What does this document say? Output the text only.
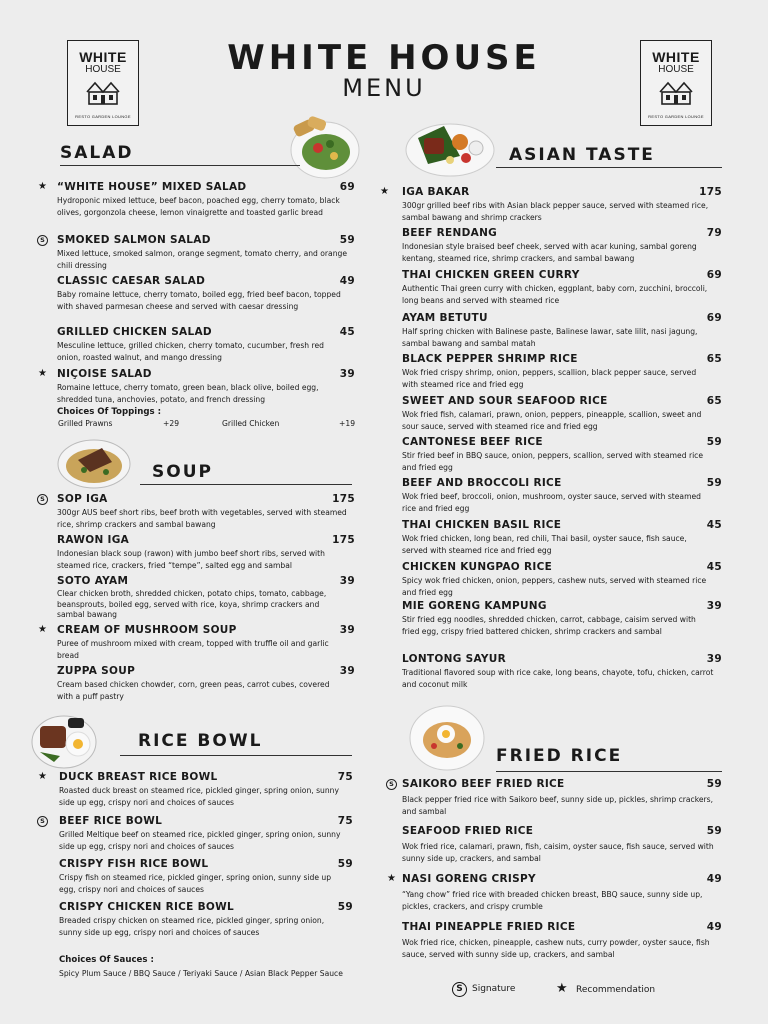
WHITE
HOUSE
RESTO GARDEN LOUNGE
WHITE
HOUSE
RESTO GARDEN LOUNGE
WHITE HOUSE
MENU
SALAD	ASIAN TASTE
SOUP
RICE BOWL
FRIED RICE
“WHITE HOUSE” MIXED SALAD	69
Hydroponic mixed lettuce, beef bacon, poached egg, cherry tomato, black olives, gorgonzola cheese, lemon vinaigrette and toasted garlic bread
SMOKED SALMON SALAD	59
Mixed lettuce, smoked salmon, orange segment, tomato cherry, and orange chili dressing
CLASSIC CAESAR SALAD	49
Baby romaine lettuce, cherry tomato, boiled egg, fried beef bacon, topped with shaved parmesan cheese and served with caesar dressing
GRILLED CHICKEN SALAD	45
Mesculine lettuce, grilled chicken, cherry tomato, cucumber, fresh red onion, roasted walnut, and mango dressing
NIÇOISE SALAD	39
Romaine lettuce, cherry tomato, green bean, black olive, boiled egg, shredded tuna, anchovies, potato, and french dressing
★
S
★
Choices Of Toppings :
Grilled Prawns	+29	Grilled Chicken	+19
SOP IGA	175
300gr AUS beef short ribs, beef broth with vegetables, served with steamed rice, shrimp crackers and sambal bawang
RAWON IGA	175
Indonesian black soup (rawon) with jumbo beef short ribs, served with steamed rice, crackers, fried “tempe”, salted egg and sambal
SOTO AYAM	39
Clear chicken broth, shredded chicken, potato chips, tomato, cabbage, beansprouts, boiled egg, served with rice, koya, shrimp crackers and sambal bawang
CREAM OF MUSHROOM SOUP	39
Puree of mushroom mixed with cream, topped with truffle oil and garlic bread
ZUPPA SOUP	39
Cream based chicken chowder, corn, green peas, carrot cubes, covered with a puff pastry
S
★
DUCK BREAST RICE BOWL	75
Roasted duck breast on steamed rice, pickled ginger, spring onion, sunny side up egg, crispy nori and choices of sauces
BEEF RICE BOWL	75
Grilled Meltique beef on steamed rice, pickled ginger, spring onion, sunny side up egg, crispy nori and choices of sauces
CRISPY FISH RICE BOWL	59
Crispy fish on steamed rice, pickled ginger, spring onion, sunny side up egg, crispy nori and choices of sauces
CRISPY CHICKEN RICE BOWL	59
Breaded crispy chicken on steamed rice, pickled ginger, spring onion, sunny side up egg, crispy nori and choices of sauces
★
S
Choices Of Sauces :
Spicy Plum Sauce / BBQ Sauce / Teriyaki Sauce / Asian Black Pepper Sauce
IGA BAKAR	175
300gr grilled beef ribs with Asian black pepper sauce, served with steamed rice, sambal bawang and shrimp crackers
BEEF RENDANG	79
Indonesian style braised beef cheek, served with acar kuning, sambal goreng kentang, steamed rice, shrimp crackers, and sambal bawang
THAI CHICKEN GREEN CURRY	69
Authentic Thai green curry with chicken, eggplant, baby corn, zucchini, broccoli, long beans and served with steamed rice
AYAM BETUTU	69
Half spring chicken with Balinese paste, Balinese lawar, sate lilit, nasi jagung, sambal bawang and sambal matah
BLACK PEPPER SHRIMP RICE	65
Wok fried crispy shrimp, onion, peppers, scallion, black pepper sauce, served with steamed rice and fried egg
SWEET AND SOUR SEAFOOD RICE	65
Wok fried fish, calamari, prawn, onion, peppers, pineapple, scallion, sweet and sour sauce, served with steamed rice and fried egg
CANTONESE BEEF RICE	59
Stir fried beef in BBQ sauce, onion, peppers, scallion, served with steamed rice and fried egg
BEEF AND BROCCOLI RICE	59
Wok fried beef, broccoli, onion, mushroom, oyster sauce, served with steamed rice and fried egg
THAI CHICKEN BASIL RICE	45
Wok fried chicken, long bean, red chili, Thai basil, oyster sauce, fish sauce, served with steamed rice and fried egg
CHICKEN KUNGPAO RICE	45
Spicy wok fried chicken, onion, peppers, cashew nuts, served with steamed rice and fried egg
MIE GORENG KAMPUNG	39
Stir fried egg noodles, shredded chicken, carrot, cabbage, caisim served with fried egg, crispy fried battered chicken, shrimp crackers and sambal
LONTONG SAYUR	39
Traditional flavored soup with rice cake, long beans, chayote, tofu, chicken, carrot and coconut milk
★
SAIKORO BEEF FRIED RICE	59
Black pepper fried rice with Saikoro beef, sunny side up, pickles, shrimp crackers, and sambal
SEAFOOD FRIED RICE	59
Wok fried rice, calamari, prawn, fish, caisim, oyster sauce, fish sauce, served with sunny side up, crackers, and sambal
NASI GORENG CRISPY	49
“Yang chow” fried rice with breaded chicken breast, BBQ sauce, sunny side up, pickles, crackers, and crispy crumble
THAI PINEAPPLE FRIED RICE	49
Wok fried rice, chicken, pineapple, cashew nuts, curry powder, oyster sauce, fish sauce, served with sunny side up, crackers, and sambal
S
★
S	Signature	★ Recommendation
